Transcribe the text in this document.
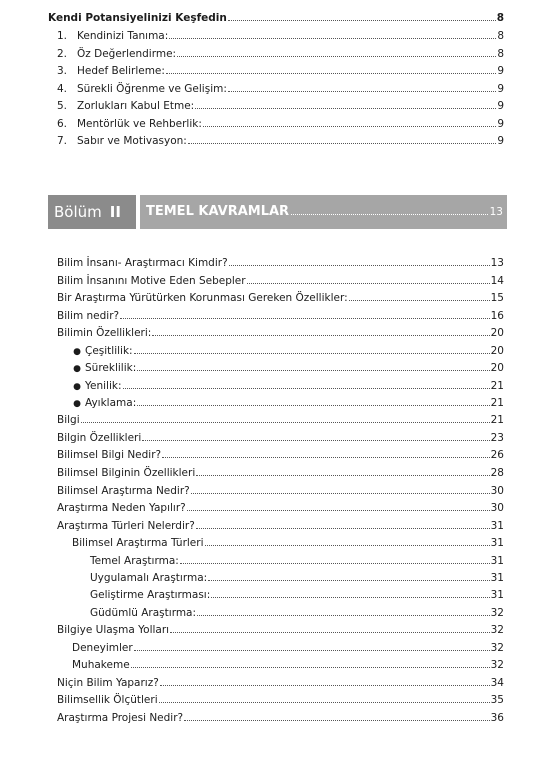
Kendi Potansiyelinizi Keşfedin	8
1. Kendinizi Tanıma:	8
2. Öz Değerlendirme:	8
3. Hedef Belirleme:	9
4. Sürekli Öğrenme ve Gelişim:	9
5. Zorlukları Kabul Etme:	9
6. Mentörlük ve Rehberlik:	9
7. Sabır ve Motivasyon:	9
Bölüm II	TEMEL KAVRAMLAR	13
Bilim İnsanı- Araştırmacı Kimdir?	13
Bilim İnsanını Motive Eden Sebepler	14
Bir Araştırma Yürütürken Korunması Gereken Özellikler:	15
Bilim nedir?	16
Bilimin Özellikleri:	20
● Çeşitlilik:	20
● Süreklilik:	20
● Yenilik:	21
● Ayıklama:	21
Bilgi	21
Bilgin Özellikleri	23
Bilimsel Bilgi Nedir?	26
Bilimsel Bilginin Özellikleri	28
Bilimsel Araştırma Nedir?	30
Araştırma Neden Yapılır?	30
Araştırma Türleri Nelerdir?	31
Bilimsel Araştırma Türleri	31
Temel Araştırma:	31
Uygulamalı Araştırma:	31
Geliştirme Araştırması:	31
Güdümlü Araştırma:	32
Bilgiye Ulaşma Yolları	32
Deneyimler	32
Muhakeme	32
Niçin Bilim Yaparız?	34
Bilimsellik Ölçütleri	35
Araştırma Projesi Nedir?	36
